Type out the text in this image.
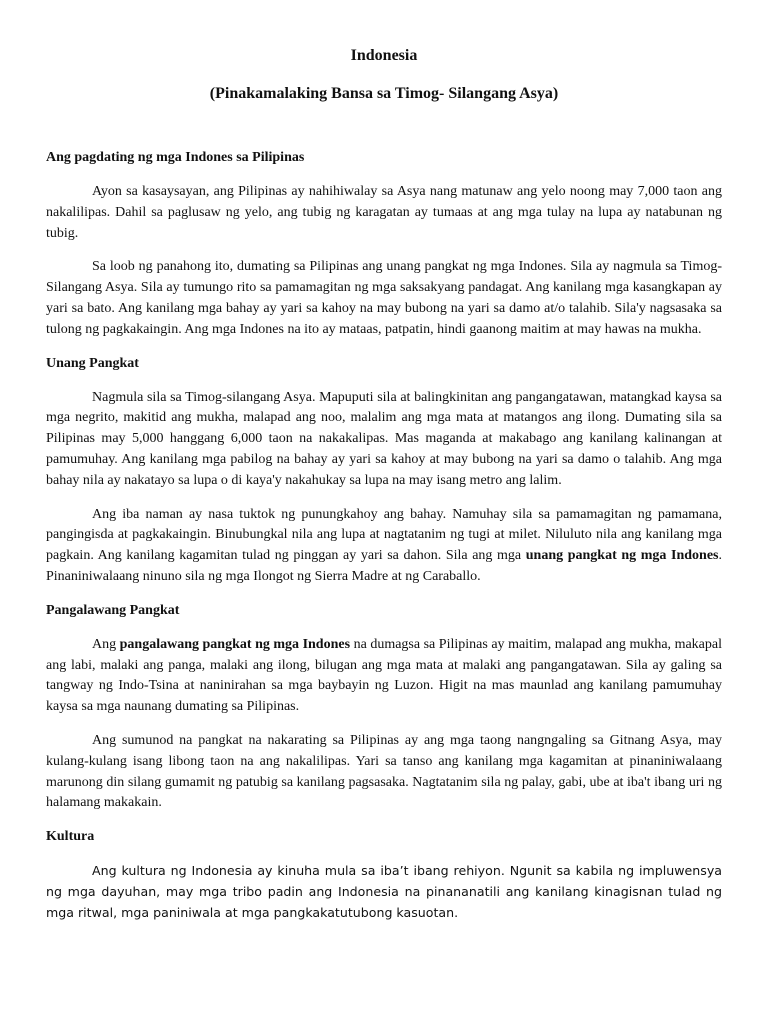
Indonesia
(Pinakamalaking Bansa sa Timog- Silangang Asya)
Ang pagdating ng mga Indones sa Pilipinas

Ayon sa kasaysayan, ang Pilipinas ay nahihiwalay sa Asya nang matunaw ang yelo noong may 7,000 taon ang nakalilipas. Dahil sa paglusaw ng yelo, ang tubig ng karagatan ay tumaas at ang mga tulay na lupa ay natabunan ng tubig.

Sa loob ng panahong ito, dumating sa Pilipinas ang unang pangkat ng mga Indones. Sila ay nagmula sa Timog-Silangang Asya. Sila ay tumungo rito sa pamamagitan ng mga saksakyang pandagat. Ang kanilang mga kasangkapan ay yari sa bato. Ang kanilang mga bahay ay yari sa kahoy na may bubong na yari sa damo at/o talahib. Sila'y nagsasaka sa tulong ng pagkakaingin. Ang mga Indones na ito ay mataas, patpatin, hindi gaanong maitim at may hawas na mukha.

Unang Pangkat

Nagmula sila sa Timog-silangang Asya. Mapuputi sila at balingkinitan ang pangangatawan, matangkad kaysa sa mga negrito, makitid ang mukha, malapad ang noo, malalim ang mga mata at matangos ang ilong. Dumating sila sa Pilipinas may 5,000 hanggang 6,000 taon na nakakalipas. Mas maganda at makabago ang kanilang kalinangan at pamumuhay. Ang kanilang mga pabilog na bahay ay yari sa kahoy at may bubong na yari sa damo o talahib. Ang mga bahay nila ay nakatayo sa lupa o di kaya'y nakahukay sa lupa na may isang metro ang lalim.

Ang iba naman ay nasa tuktok ng punungkahoy ang bahay. Namuhay sila sa pamamagitan ng pamamana, pangingisda at pagkakaingin. Binubungkal nila ang lupa at nagtatanim ng tugi at milet. Niluluto nila ang kanilang mga pagkain. Ang kanilang kagamitan tulad ng pinggan ay yari sa dahon. Sila ang mga unang pangkat ng mga Indones. Pinaniniwalaang ninuno sila ng mga Ilongot ng Sierra Madre at ng Caraballo.

Pangalawang Pangkat

Ang pangalawang pangkat ng mga Indones na dumagsa sa Pilipinas ay maitim, malapad ang mukha, makapal ang labi, malaki ang panga, malaki ang ilong, bilugan ang mga mata at malaki ang pangangatawan. Sila ay galing sa tangway ng Indo-Tsina at naninirahan sa mga baybayin ng Luzon. Higit na mas maunlad ang kanilang pamumuhay kaysa sa mga naunang dumating sa Pilipinas.

Ang sumunod na pangkat na nakarating sa Pilipinas ay ang mga taong nangngaling sa Gitnang Asya, may kulang-kulang isang libong taon na ang nakalilipas. Yari sa tanso ang kanilang mga kagamitan at pinaniniwalaang marunong din silang gumamit ng patubig sa kanilang pagsasaka. Nagtatanim sila ng palay, gabi, ube at iba't ibang uri ng halamang makakain.

Kultura

Ang kultura ng Indonesia ay kinuha mula sa iba’t ibang rehiyon. Ngunit sa kabila ng impluwensya ng mga dayuhan, may mga tribo padin ang Indonesia na pinananatili ang kanilang kinagisnan tulad ng mga ritwal, mga paniniwala at mga pangkakatutubong kasuotan.
